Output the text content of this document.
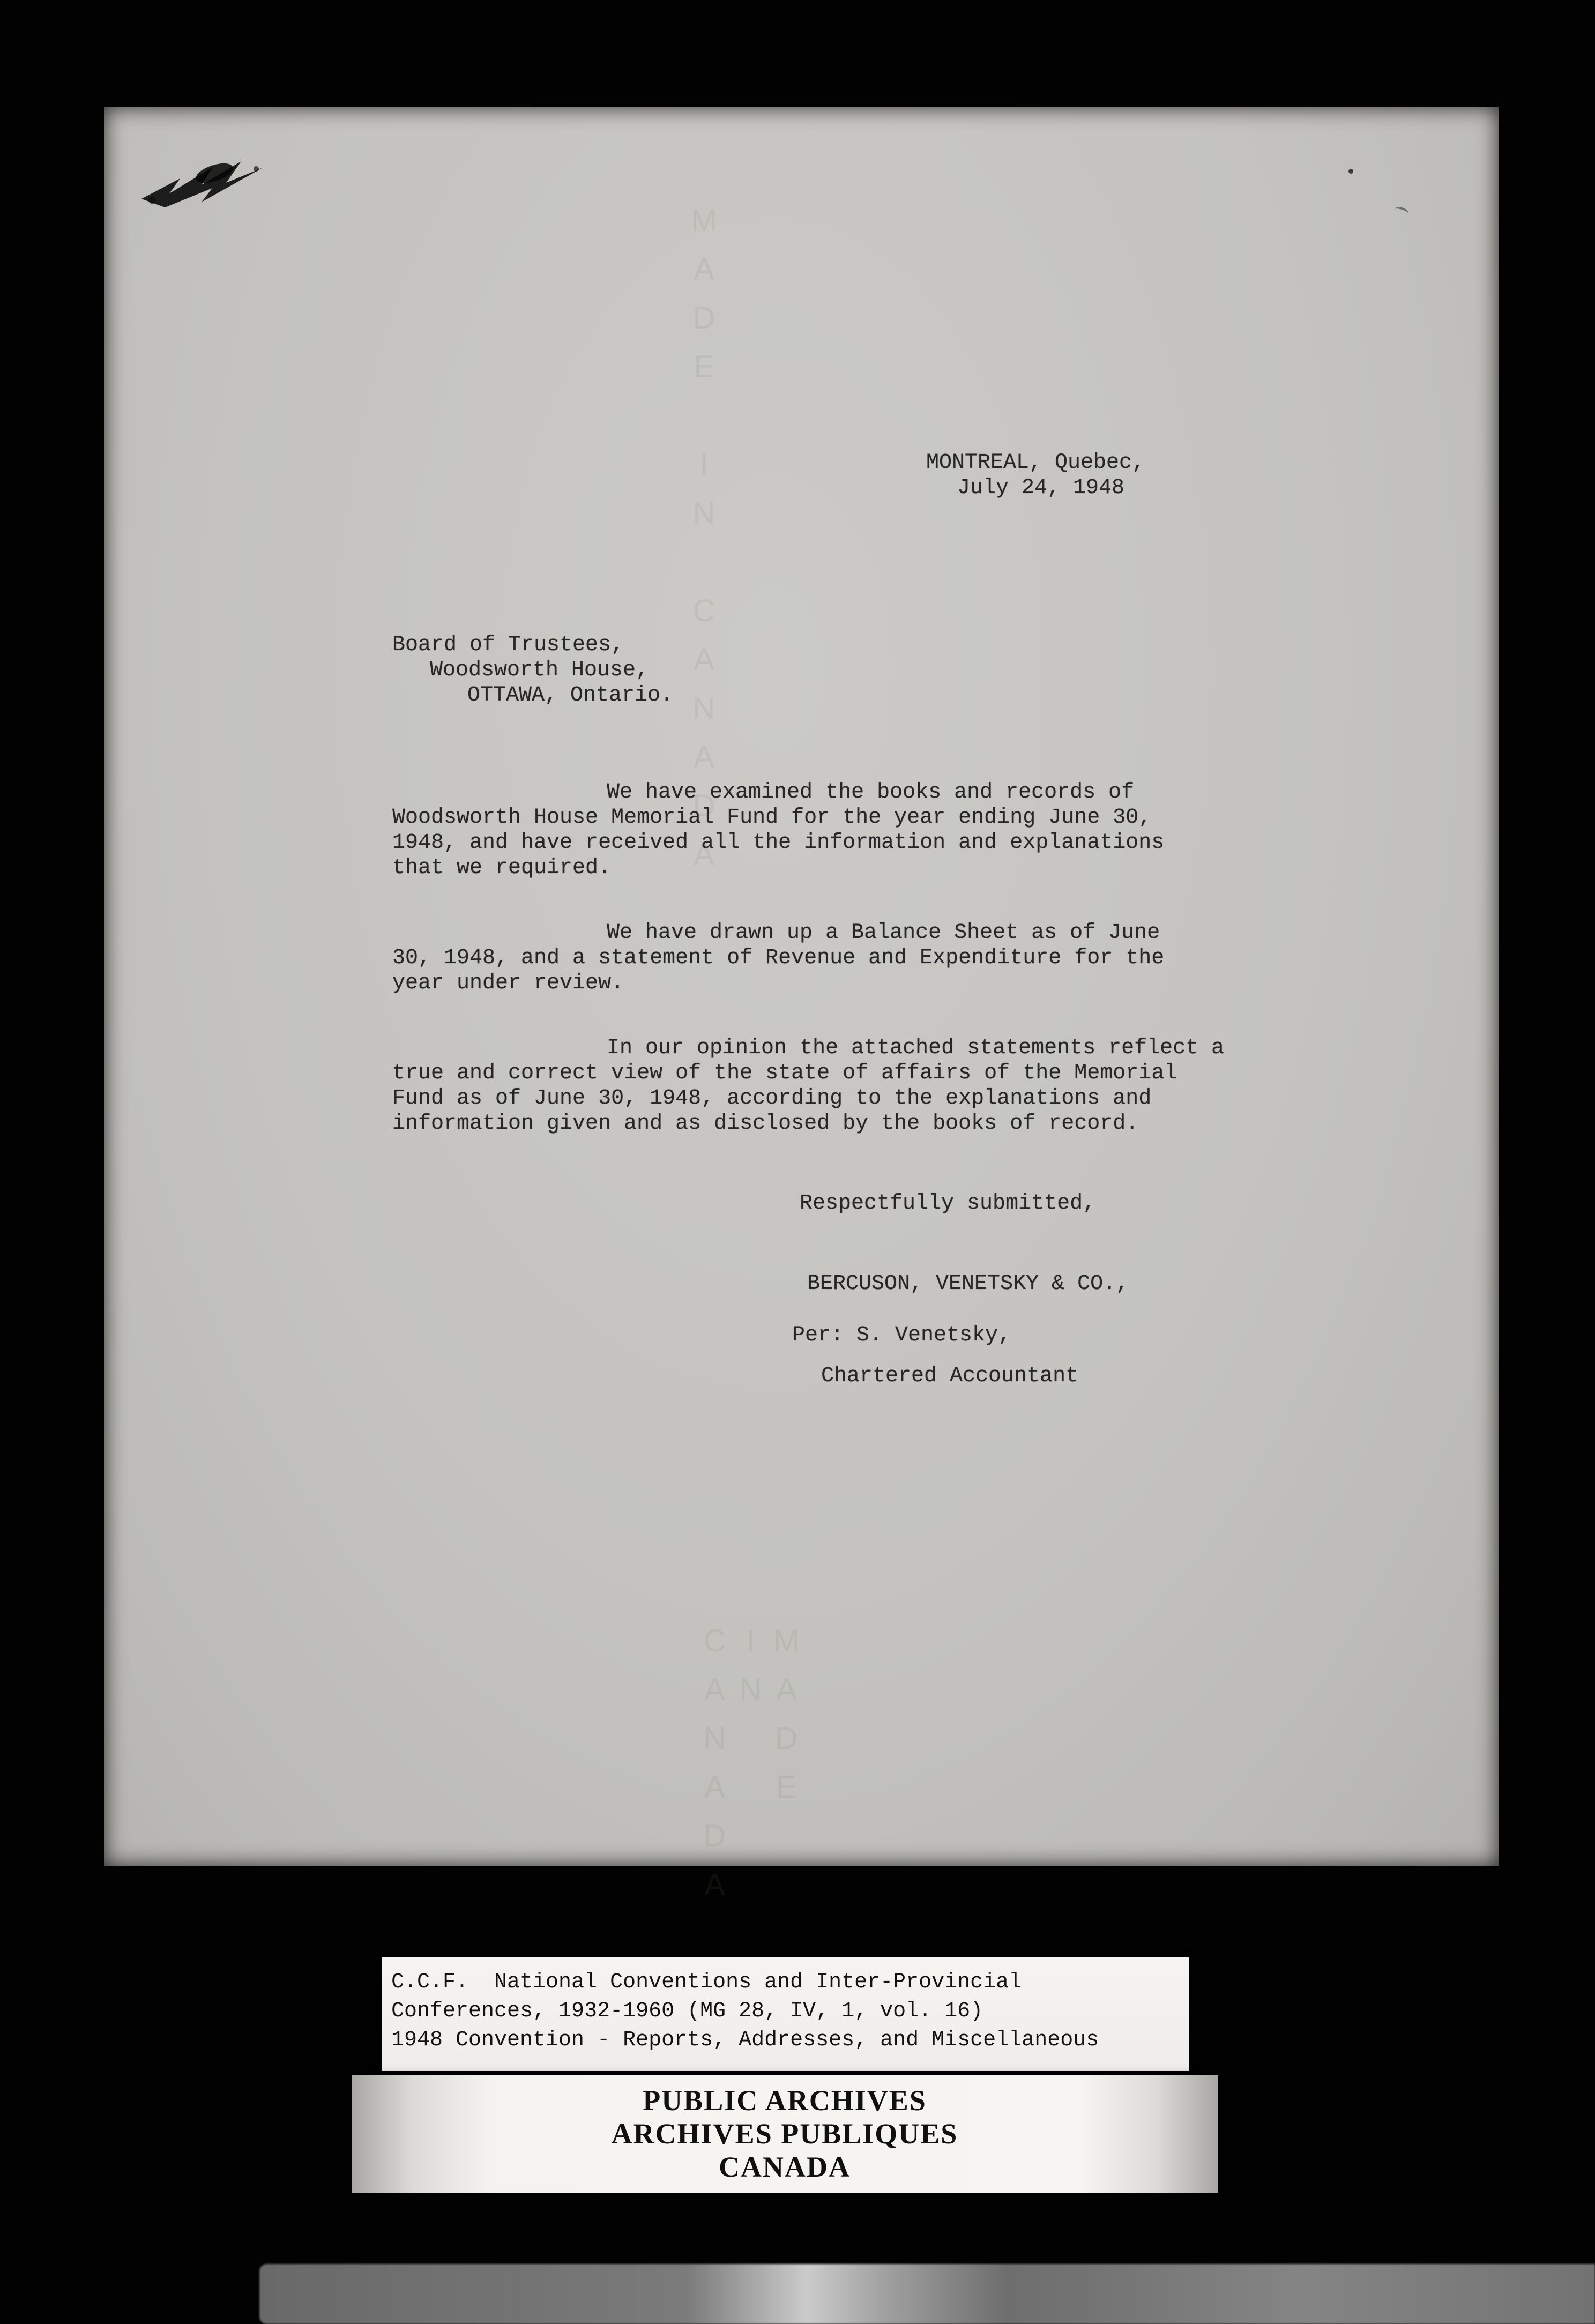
MADE IN CANADA
MADE IN CANADA
MONTREAL, Quebec,
July 24, 1948
Board of Trustees,
Woodsworth House,
OTTAWA, Ontario.
We have examined the books and records of
Woodsworth House Memorial Fund for the year ending June 30,
1948, and have received all the information and explanations
that we required.
We have drawn up a Balance Sheet as of June
30, 1948, and a statement of Revenue and Expenditure for the
year under review.
In our opinion the attached statements reflect a
true and correct view of the state of affairs of the Memorial
Fund as of June 30, 1948, according to the explanations and
information given and as disclosed by the books of record.
Respectfully submitted,
BERCUSON, VENETSKY & CO.,
Per: S. Venetsky,
Chartered Accountant
C.C.F.  National Conventions and Inter-Provincial
Conferences, 1932-1960 (MG 28, IV, 1, vol. 16)
1948 Convention - Reports, Addresses, and Miscellaneous
PUBLIC ARCHIVES
ARCHIVES PUBLIQUES
CANADA
